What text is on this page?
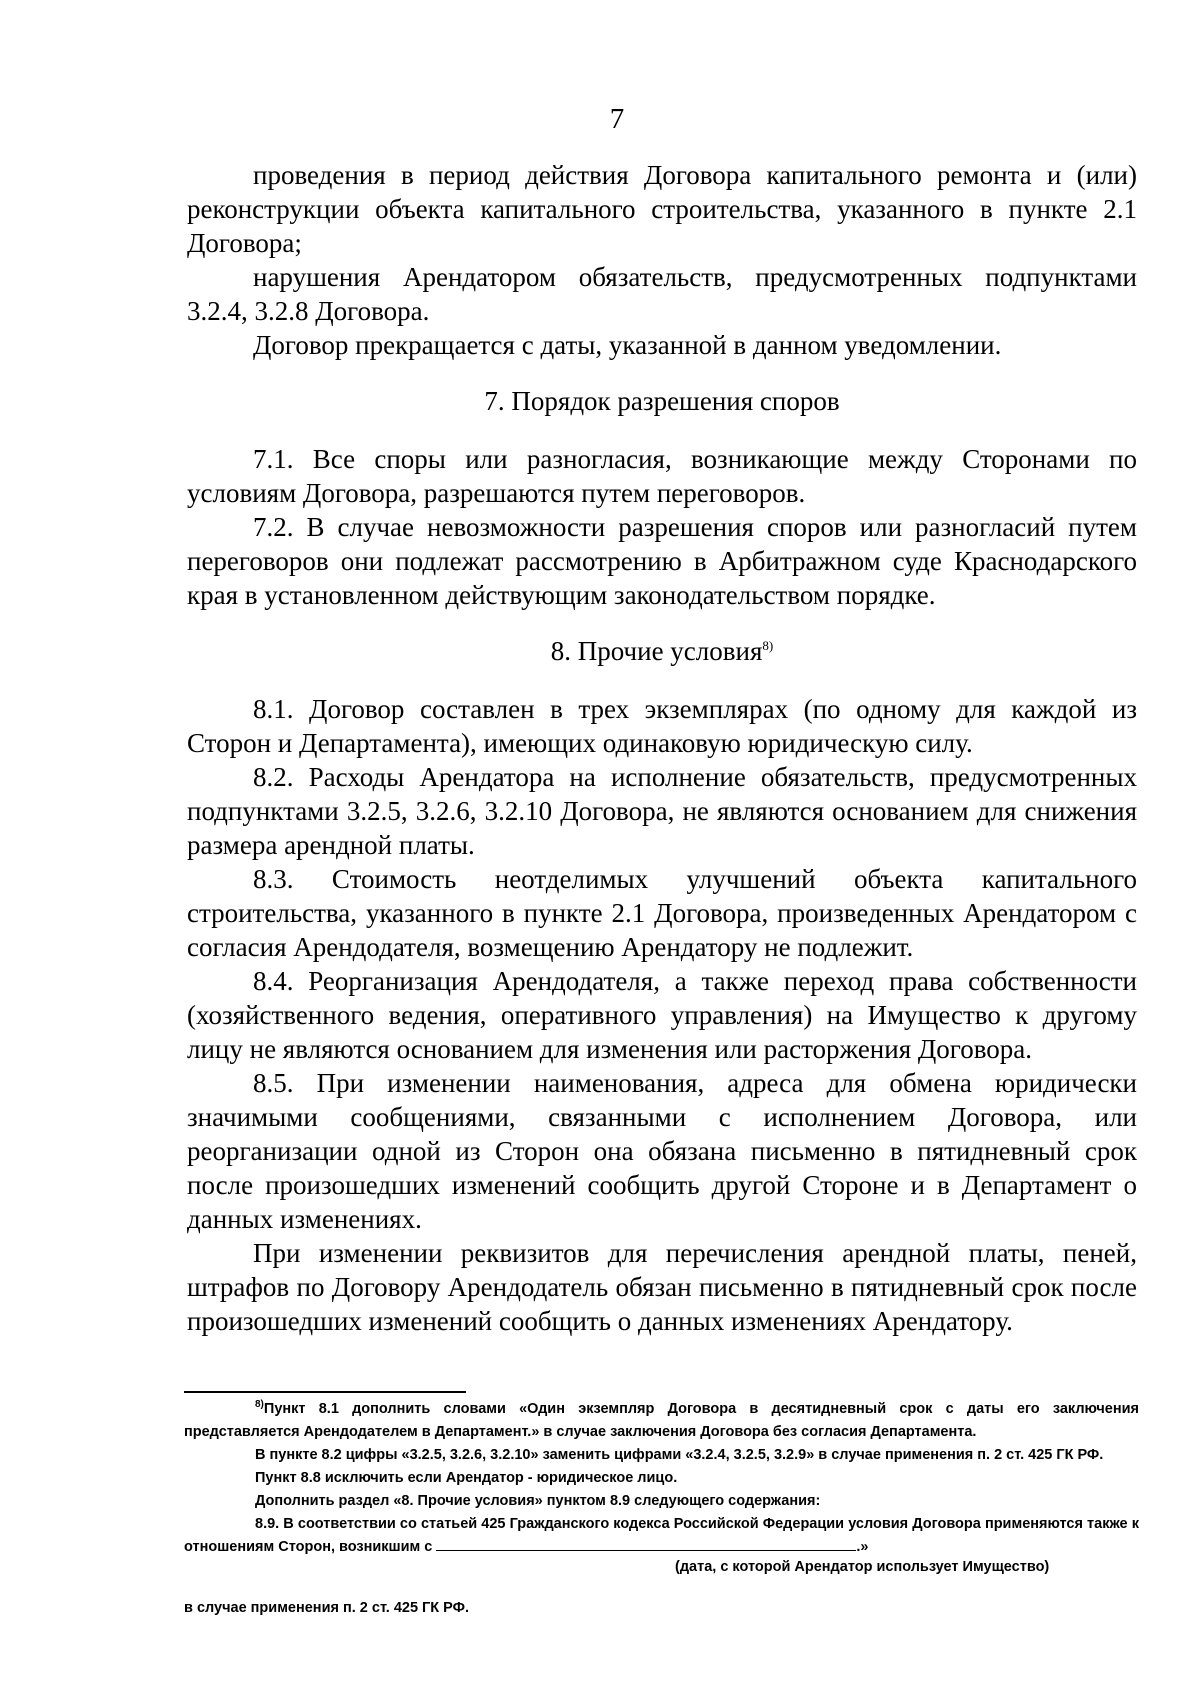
7

проведения в период действия Договора капитального ремонта и (или) реконструкции объекта капитального строительства, указанного в пункте 2.1 Договора;

нарушения Арендатором обязательств, предусмотренных подпунктами 3.2.4, 3.2.8 Договора.

Договор прекращается с даты, указанной в данном уведомлении.

7. Порядок разрешения споров

7.1. Все споры или разногласия, возникающие между Сторонами по условиям Договора, разрешаются путем переговоров.

7.2. В случае невозможности разрешения споров или разногласий путем переговоров они подлежат рассмотрению в Арбитражном суде Краснодарского края в установленном действующим законодательством порядке.

8. Прочие условия$^{8)}$

8.1. Договор составлен в трех экземплярах (по одному для каждой из Сторон и Департамента), имеющих одинаковую юридическую силу.

8.2. Расходы Арендатора на исполнение обязательств, предусмотренных подпунктами 3.2.5, 3.2.6, 3.2.10 Договора, не являются основанием для снижения размера арендной платы.

8.3. Стоимость неотделимых улучшений объекта капитального строительства, указанного в пункте 2.1 Договора, произведенных Арендатором с согласия Арендодателя, возмещению Арендатору не подлежит.

8.4. Реорганизация Арендодателя, а также переход права собственности (хозяйственного ведения, оперативного управления) на Имущество к другому лицу не являются основанием для изменения или расторжения Договора.

8.5. При изменении наименования, адреса для обмена юридически значимыми сообщениями, связанными с исполнением Договора, или реорганизации одной из Сторон она обязана письменно в пятидневный срок после произошедших изменений сообщить другой Стороне и в Департамент о данных изменениях.

При изменении реквизитов для перечисления арендной платы, пеней, штрафов по Договору Арендодатель обязан письменно в пятидневный срок после произошедших изменений сообщить о данных изменениях Арендатору.

$^{8)}$Пункт 8.1 дополнить словами «Один экземпляр Договора в десятидневный срок с даты его заключения представляется Арендодателем в Департамент.» в случае заключения Договора без согласия Департамента.

В пункте 8.2 цифры «3.2.5, 3.2.6, 3.2.10» заменить цифрами «3.2.4, 3.2.5, 3.2.9» в случае применения п. 2 ст. 425 ГК РФ.

Пункт 8.8 исключить если Арендатор - юридическое лицо.

Дополнить раздел «8. Прочие условия» пунктом 8.9 следующего содержания:

8.9. В соответствии со статьей 425 Гражданского кодекса Российской Федерации условия Договора применяются также к отношениям Сторон, возникшим с	.»

(дата, с которой Арендатор использует Имущество)

в случае применения п. 2 ст. 425 ГК РФ.
